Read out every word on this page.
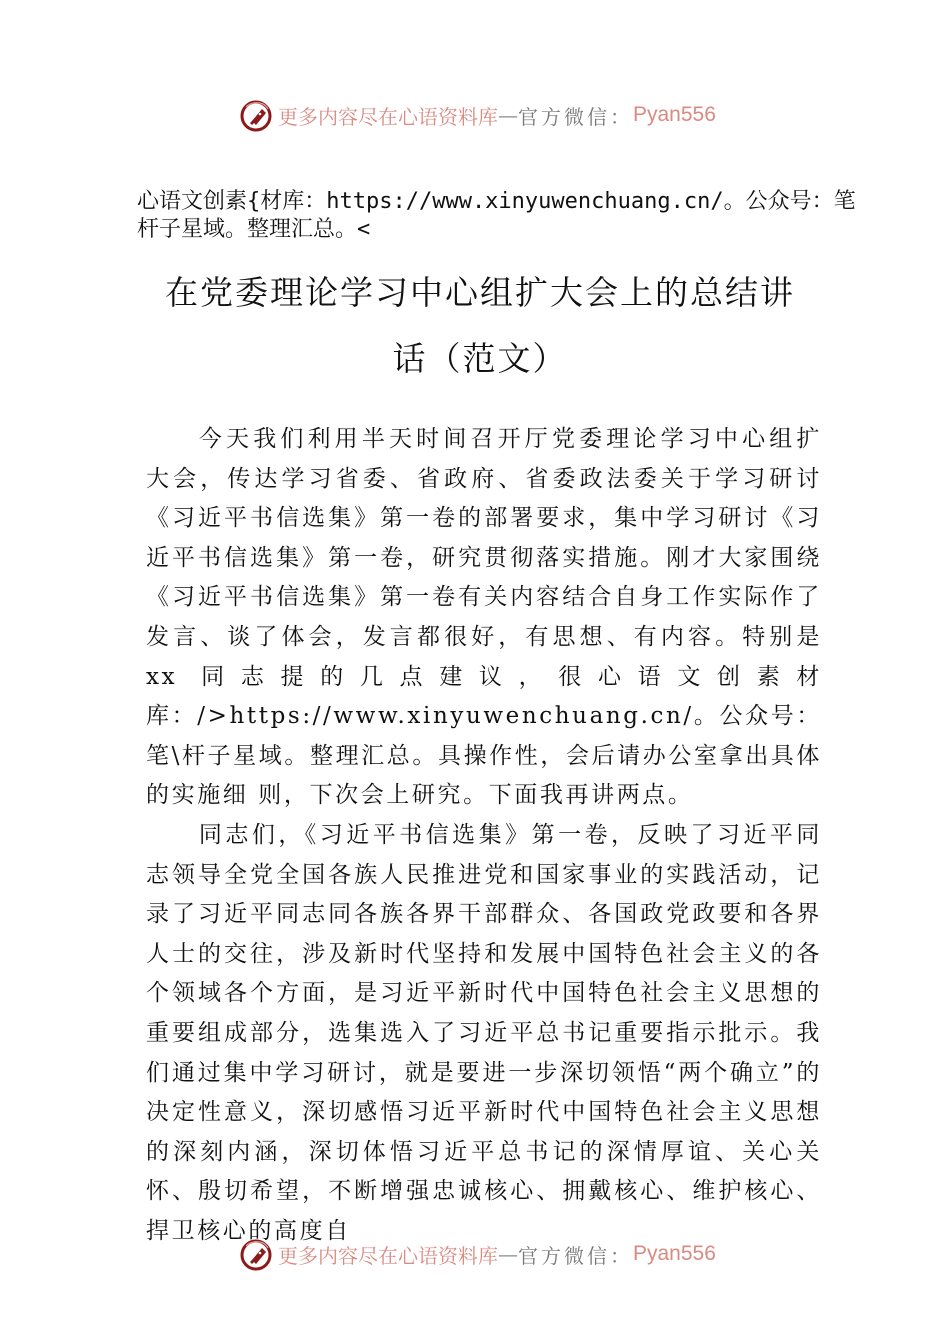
更多内容尽在心语资料库 — 官方微信： Pyan556
心语文创素{材库：https://www.xinyuwenchuang.cn/。公众号：笔杆子星域。整理汇总。<
在党委理论学习中心组扩大会上的总结讲
话（范文）

今天我们利用半天时间召开厅党委理论学习中心组扩 大会，传达学习省委、省政府、省委政法委关于学习研讨《习近平书信选集》第一卷的部署要求，集中学习研讨《习近平书信选集》第一卷，研究贯彻落实措施。刚才大家围绕《习近平书信选集》第一卷有关内容结合自身工作实际作了发言、谈了体会，发言都很好，有思想、有内容。特别是 xx 同志提的几点建议，很心语文创素材库：/>https://www.xinyuwenchuang.cn/。公众号：笔\杆子星域。整理汇总。具操作性，会后请办公室拿出具体的实施细 则，下次会上研究。下面我再讲两点。

同志们，《习近平书信选集》第一卷，反映了习近平同志领导全党全国各族人民推进党和国家事业的实践活动，记录了习近平同志同各族各界干部群众、各国政党政要和各界人士的交往，涉及新时代坚持和发展中国特色社会主义的各个领域各个方面，是习近平新时代中国特色社会主义思想的重要组成部分，选集选入了习近平总书记重要指示批示。我们通过集中学习研讨，就是要进一步深切领悟“两个确立”的决定性意义，深切感悟习近平新时代中国特色社会主义思想的深刻内涵，深切体悟习近平总书记的深情厚谊、关心关怀、殷切希望，不断增强忠诚核心、拥戴核心、维护核心、捍卫核心的高度自

更多内容尽在心语资料库 — 官方微信： Pyan556
